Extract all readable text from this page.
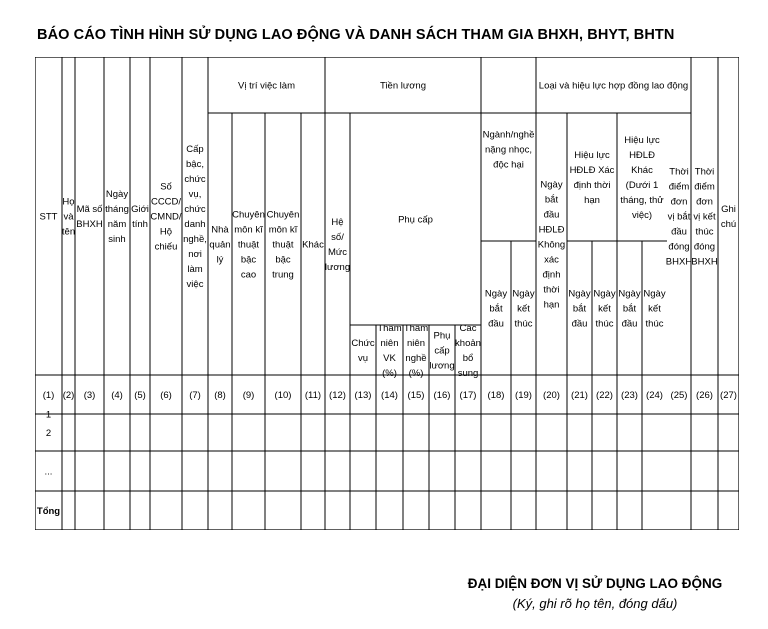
BÁO CÁO TÌNH HÌNH SỬ DỤNG LAO ĐỘNG VÀ DANH SÁCH THAM GIA BHXH, BHYT, BHTN
STT
Họ và tên
Mã số BHXH
Ngày tháng năm sinh
Giới tính
Số CCCD/ CMND/ Hộ chiếu
Cấp bậc, chức vụ, chức danh nghề, nơi làm việc
Vị trí việc làm
Nhà quản lý
Chuyên môn kĩ thuật bậc cao
Chuyên môn kĩ thuật bậc trung
Khác
Tiền lương
Hệ số/ Mức lương
Phụ cấp
Chức vụ
Thâm niên VK (%)
Thâm niên nghề (%)
Phụ cấp lương
Các khoản bổ sung
Ngành/nghề nặng nhọc, độc hại
Ngày bắt đầu
Ngày kết thúc
Loại và hiệu lực hợp đồng lao động
Ngày bắt đầu HĐLĐ Không xác định thời hạn
Hiệu lực HĐLĐ Xác định thời hạn
Hiệu lực HĐLĐ Khác (Dưới 1 tháng, thử việc)
Ngày bắt đầu
Ngày kết thúc
Ngày bắt đầu
Ngày kết thúc
Thời điểm đơn vị bắt đầu đóng BHXH
Thời điểm đơn vị kết thúc đóng BHXH
Ghi chú
(1) (2) (3) (4) (5) (6) (7) (8) (9) (10) (11) (12) (13) (14) (15) (16) (17) (18) (19) (20) (21) (22) (23) (24) (25) (26) (27)
1
2
...
Tổng
ĐẠI DIỆN ĐƠN VỊ SỬ DỤNG LAO ĐỘNG
(Ký, ghi rõ họ tên, đóng dấu)
